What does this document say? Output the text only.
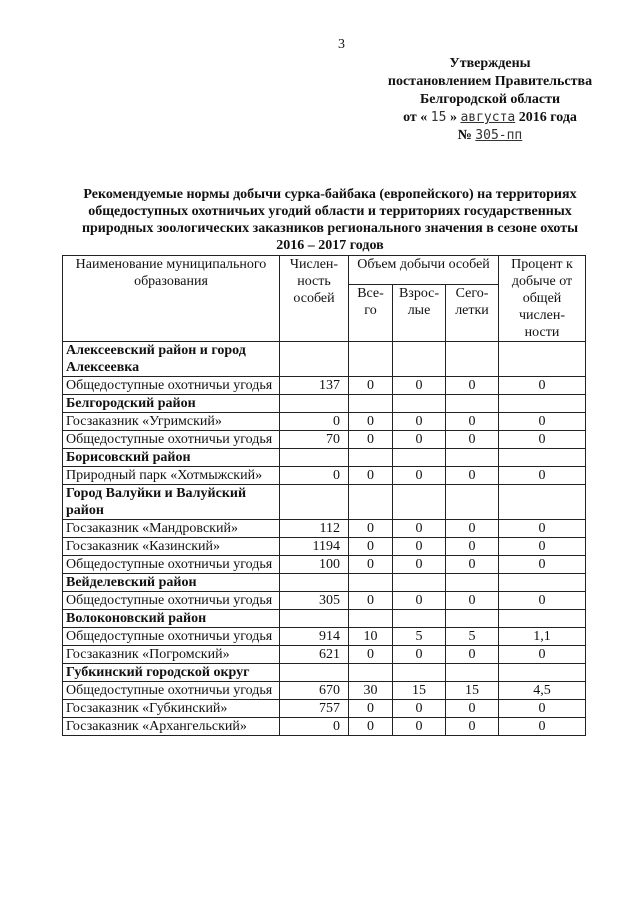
3
Утверждены
постановлением Правительства
Белгородской области
от « 15 » августа 2016 года
№ 305-пп
Рекомендуемые нормы добычи сурка-байбака (европейского) на территориях общедоступных охотничьих угодий области и территориях государственных природных зоологических заказников регионального значения в сезоне охоты 2016 – 2017 годов
Наименование муниципального образования	Числен-ность особей	Объем добычи особей			Процент к добыче от общей числен-ности
		Все-го	Взрос-лые	Сего-летки	
Алексеевский район и город Алексеевка					
Общедоступные охотничьи угодья	137	0	0	0	0
Белгородский район					
Госзаказник «Угримский»	0	0	0	0	0
Общедоступные охотничьи угодья	70	0	0	0	0
Борисовский район					
Природный парк «Хотмыжский»	0	0	0	0	0
Город Валуйки и Валуйский район					
Госзаказник «Мандровский»	112	0	0	0	0
Госзаказник «Казинский»	1194	0	0	0	0
Общедоступные охотничьи угодья	100	0	0	0	0
Вейделевский район					
Общедоступные охотничьи угодья	305	0	0	0	0
Волоконовский район					
Общедоступные охотничьи угодья	914	10	5	5	1,1
Госзаказник «Погромский»	621	0	0	0	0
Губкинский городской округ					
Общедоступные охотничьи угодья	670	30	15	15	4,5
Госзаказник «Губкинский»	757	0	0	0	0
Госзаказник «Архангельский»	0	0	0	0	0
